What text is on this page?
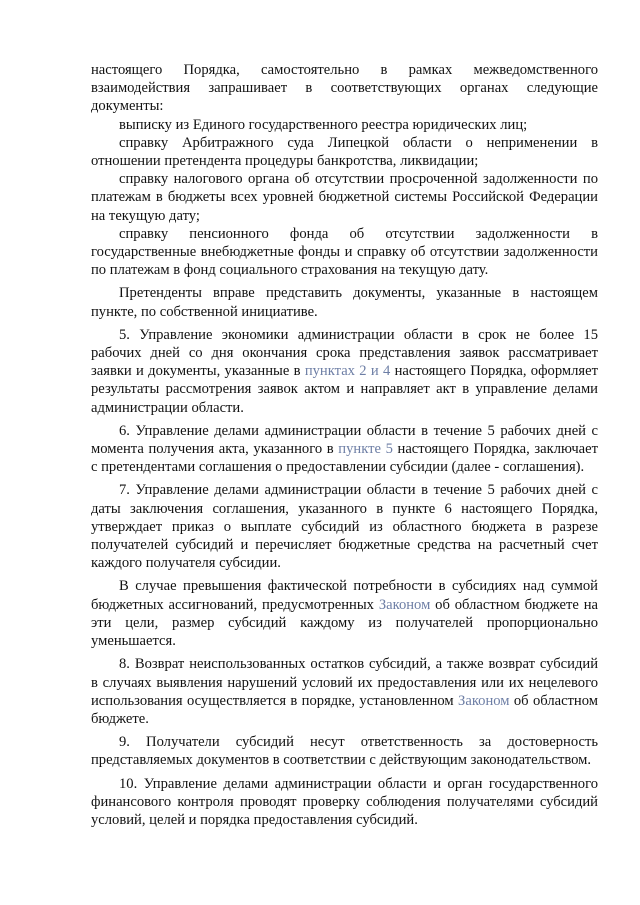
настоящего Порядка, самостоятельно в рамках межведомственного взаимодействия запрашивает в соответствующих органах следующие документы:

выписку из Единого государственного реестра юридических лиц;

справку Арбитражного суда Липецкой области о неприменении в отношении претендента процедуры банкротства, ликвидации;

справку налогового органа об отсутствии просроченной задолженности по платежам в бюджеты всех уровней бюджетной системы Российской Федерации на текущую дату;

справку пенсионного фонда об отсутствии задолженности в государственные внебюджетные фонды и справку об отсутствии задолженности по платежам в фонд социального страхования на текущую дату.

Претенденты вправе представить документы, указанные в настоящем пункте, по собственной инициативе.

5. Управление экономики администрации области в срок не более 15 рабочих дней со дня окончания срока представления заявок рассматривает заявки и документы, указанные в пунктах 2 и 4 настоящего Порядка, оформляет результаты рассмотрения заявок актом и направляет акт в управление делами администрации области.

6. Управление делами администрации области в течение 5 рабочих дней с момента получения акта, указанного в пункте 5 настоящего Порядка, заключает с претендентами соглашения о предоставлении субсидии (далее - соглашения).

7. Управление делами администрации области в течение 5 рабочих дней с даты заключения соглашения, указанного в пункте 6 настоящего Порядка, утверждает приказ о выплате субсидий из областного бюджета в разрезе получателей субсидий и перечисляет бюджетные средства на расчетный счет каждого получателя субсидии.

В случае превышения фактической потребности в субсидиях над суммой бюджетных ассигнований, предусмотренных Законом об областном бюджете на эти цели, размер субсидий каждому из получателей пропорционально уменьшается.

8. Возврат неиспользованных остатков субсидий, а также возврат субсидий в случаях выявления нарушений условий их предоставления или их нецелевого использования осуществляется в порядке, установленном Законом об областном бюджете.

9. Получатели субсидий несут ответственность за достоверность представляемых документов в соответствии с действующим законодательством.

10. Управление делами администрации области и орган государственного финансового контроля проводят проверку соблюдения получателями субсидий условий, целей и порядка предоставления субсидий.
